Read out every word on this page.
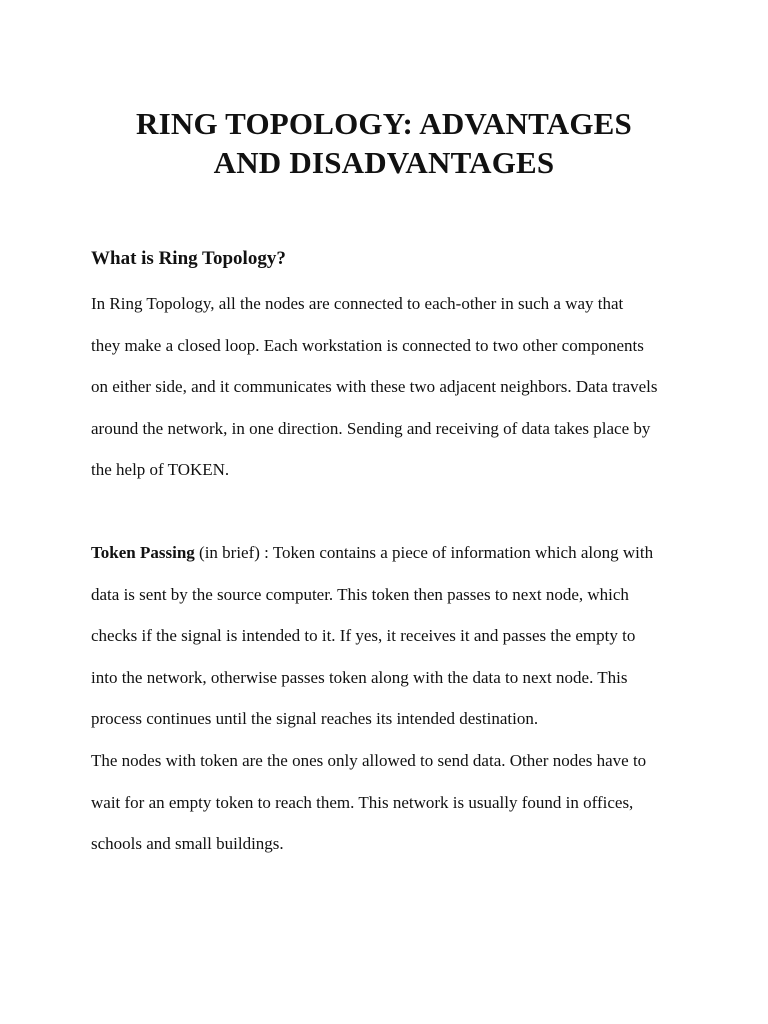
RING TOPOLOGY: ADVANTAGES
AND DISADVANTAGES
What is Ring Topology?

In Ring Topology, all the nodes are connected to each-other in such a way that
they make a closed loop. Each workstation is connected to two other components
on either side, and it communicates with these two adjacent neighbors. Data travels
around the network, in one direction. Sending and receiving of data takes place by
the help of TOKEN.

Token Passing (in brief) : Token contains a piece of information which along with
data is sent by the source computer. This token then passes to next node, which
checks if the signal is intended to it. If yes, it receives it and passes the empty to
into the network, otherwise passes token along with the data to next node. This
process continues until the signal reaches its intended destination.

The nodes with token are the ones only allowed to send data. Other nodes have to
wait for an empty token to reach them. This network is usually found in offices,
schools and small buildings.
